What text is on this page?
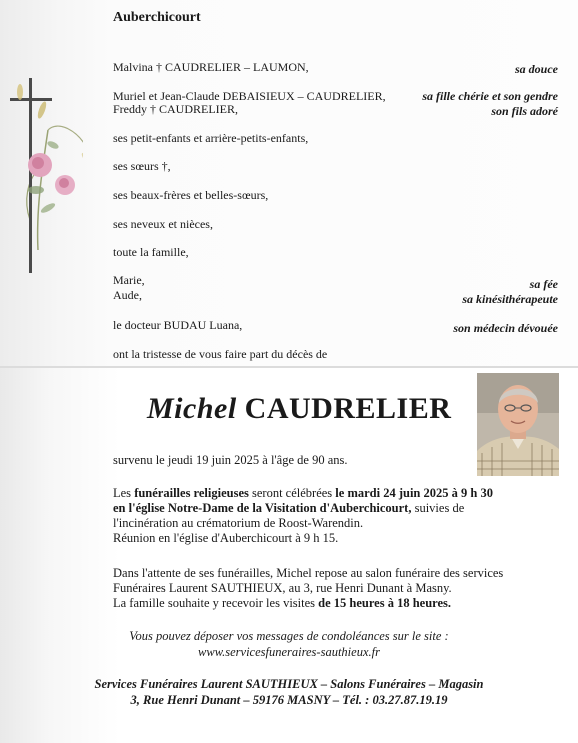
Auberchicourt
Malvina † CAUDRELIER – LAUMON,	sa douce
Muriel et Jean-Claude DEBAISIEUX – CAUDRELIER,
Freddy † CAUDRELIER,
sa fille chérie et son gendre
son fils adoré
ses petit-enfants et arrière-petits-enfants,
ses sœurs †,
ses beaux-frères et belles-sœurs,
ses neveux et nièces,
toute la famille,
Marie,
Aude,
sa fée
sa kinésithérapeute
le docteur BUDAU Luana,	son médecin dévouée
ont la tristesse de vous faire part du décès de
Michel CAUDRELIER
survenu le jeudi 19 juin 2025 à l'âge de 90 ans.
Les funérailles religieuses seront célébrées le mardi 24 juin 2025 à 9 h 30
en l'église Notre-Dame de la Visitation d'Auberchicourt, suivies de
l'incinération au crématorium de Roost-Warendin.
Réunion en l'église d'Auberchicourt à 9 h 15.
Dans l'attente de ses funérailles, Michel repose au salon funéraire des services
Funéraires Laurent SAUTHIEUX, au 3, rue Henri Dunant à Masny.
La famille souhaite y recevoir les visites de 15 heures à 18 heures.
Vous pouvez déposer vos messages de condoléances sur le site :
www.servicesfuneraires-sauthieux.fr
Services Funéraires Laurent SAUTHIEUX – Salons Funéraires – Magasin
3, Rue Henri Dunant – 59176 MASNY – Tél. : 03.27.87.19.19
